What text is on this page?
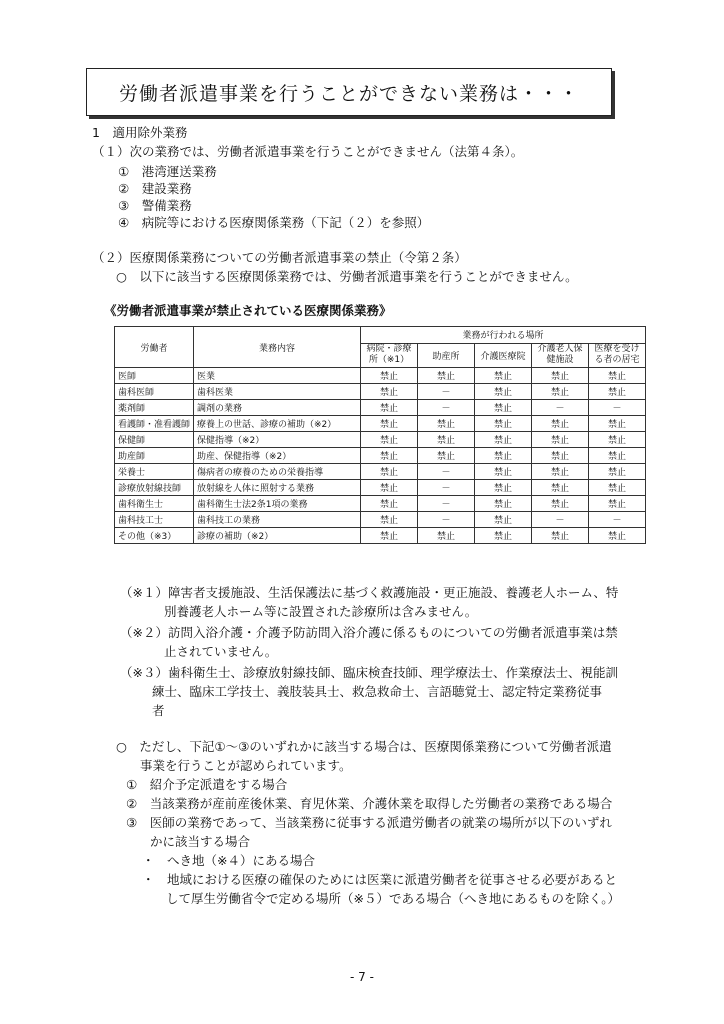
労働者派遣事業を行うことができない業務は・・・
1　適用除外業務
（１）次の業務では、労働者派遣事業を行うことができません（法第４条）。
①　港湾運送業務
②　建設業務
③　警備業務
④　病院等における医療関係業務（下記（２）を参照）
（２）医療関係業務についての労働者派遣事業の禁止（令第２条）
○　以下に該当する医療関係業務では、労働者派遣事業を行うことができません。
《労働者派遣事業が禁止されている医療関係業務》
労働者	業務内容	業務が行われる場所				
		病院・診療所（※1）	助産所	介護医療院	介護老人保健施設	医療を受ける者の居宅
医師	医業	禁止	禁止	禁止	禁止	禁止
歯科医師	歯科医業	禁止	－	禁止	禁止	禁止
薬剤師	調剤の業務	禁止	－	禁止	－	－
看護師・准看護師	療養上の世話、診療の補助（※2）	禁止	禁止	禁止	禁止	禁止
保健師	保健指導（※2）	禁止	禁止	禁止	禁止	禁止
助産師	助産、保健指導（※2）	禁止	禁止	禁止	禁止	禁止
栄養士	傷病者の療養のための栄養指導	禁止	－	禁止	禁止	禁止
診療放射線技師	放射線を人体に照射する業務	禁止	－	禁止	禁止	禁止
歯科衛生士	歯科衛生士法2条1項の業務	禁止	－	禁止	禁止	禁止
歯科技工士	歯科技工の業務	禁止	－	禁止	－	－
その他（※3）	診療の補助（※2）	禁止	禁止	禁止	禁止	禁止
（※１）障害者支援施設、生活保護法に基づく救護施設・更正施設、養護老人ホーム、特
別養護老人ホーム等に設置された診療所は含みません。
（※２）訪問入浴介護・介護予防訪問入浴介護に係るものについての労働者派遣事業は禁
止されていません。
（※３）歯科衛生士、診療放射線技師、臨床検査技師、理学療法士、作業療法士、視能訓
練士、臨床工学技士、義肢装具士、救急救命士、言語聴覚士、認定特定業務従事
者
○　ただし、下記①～③のいずれかに該当する場合は、医療関係業務について労働者派遣
事業を行うことが認められています。
①　紹介予定派遣をする場合
②　当該業務が産前産後休業、育児休業、介護休業を取得した労働者の業務である場合
③　医師の業務であって、当該業務に従事する派遣労働者の就業の場所が以下のいずれ
かに該当する場合
・　へき地（※４）にある場合
・　地域における医療の確保のためには医業に派遣労働者を従事させる必要があると
して厚生労働省令で定める場所（※５）である場合（へき地にあるものを除く。）
- 7 -
